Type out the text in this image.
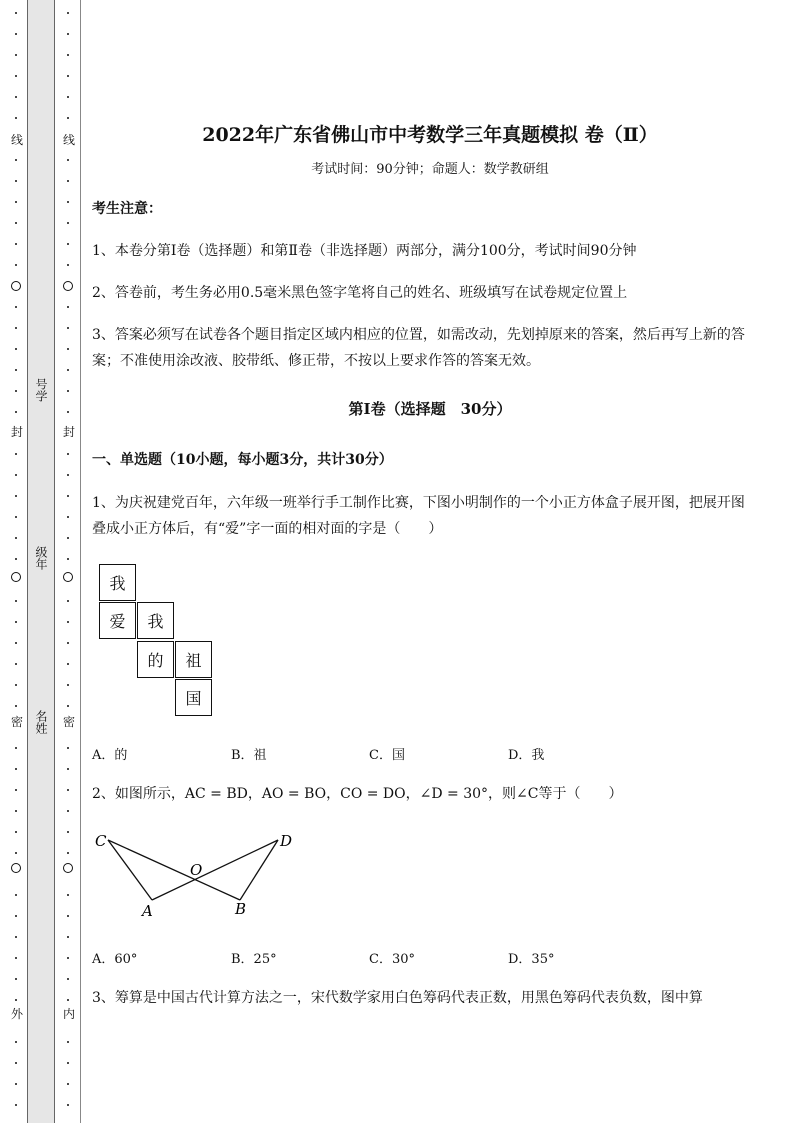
线
封
密
外
线
封
密
内
号学
级年
名姓
2022年广东省佛山市中考数学三年真题模拟 卷（Ⅱ）
考试时间：90分钟；命题人：数学教研组
考生注意：
1、本卷分第Ⅰ卷（选择题）和第Ⅱ卷（非选择题）两部分，满分100分，考试时间90分钟
2、答卷前，考生务必用0.5毫米黑色签字笔将自己的姓名、班级填写在试卷规定位置上
3、答案必须写在试卷各个题目指定区域内相应的位置，如需改动，先划掉原来的答案，然后再写上新的答案；不准使用涂改液、胶带纸、修正带，不按以上要求作答的答案无效。
第Ⅰ卷（选择题　30分）
一、单选题（10小题，每小题3分，共计30分）
1、为庆祝建党百年，六年级一班举行手工制作比赛，下图小明制作的一个小正方体盒子展开图，把展开图叠成小正方体后，有“爱”字一面的相对面的字是（　　）
我
爱	我
的	祖
国
A．的	B．祖	C．国	D．我
2、如图所示，AC = BD，AO = BO，CO = DO，∠D = 30°，则∠C等于（　　）
C	D
O
A	B
A．60°	B．25°	C．30°	D．35°
3、筹算是中国古代计算方法之一，宋代数学家用白色筹码代表正数，用黑色筹码代表负数，图中算
